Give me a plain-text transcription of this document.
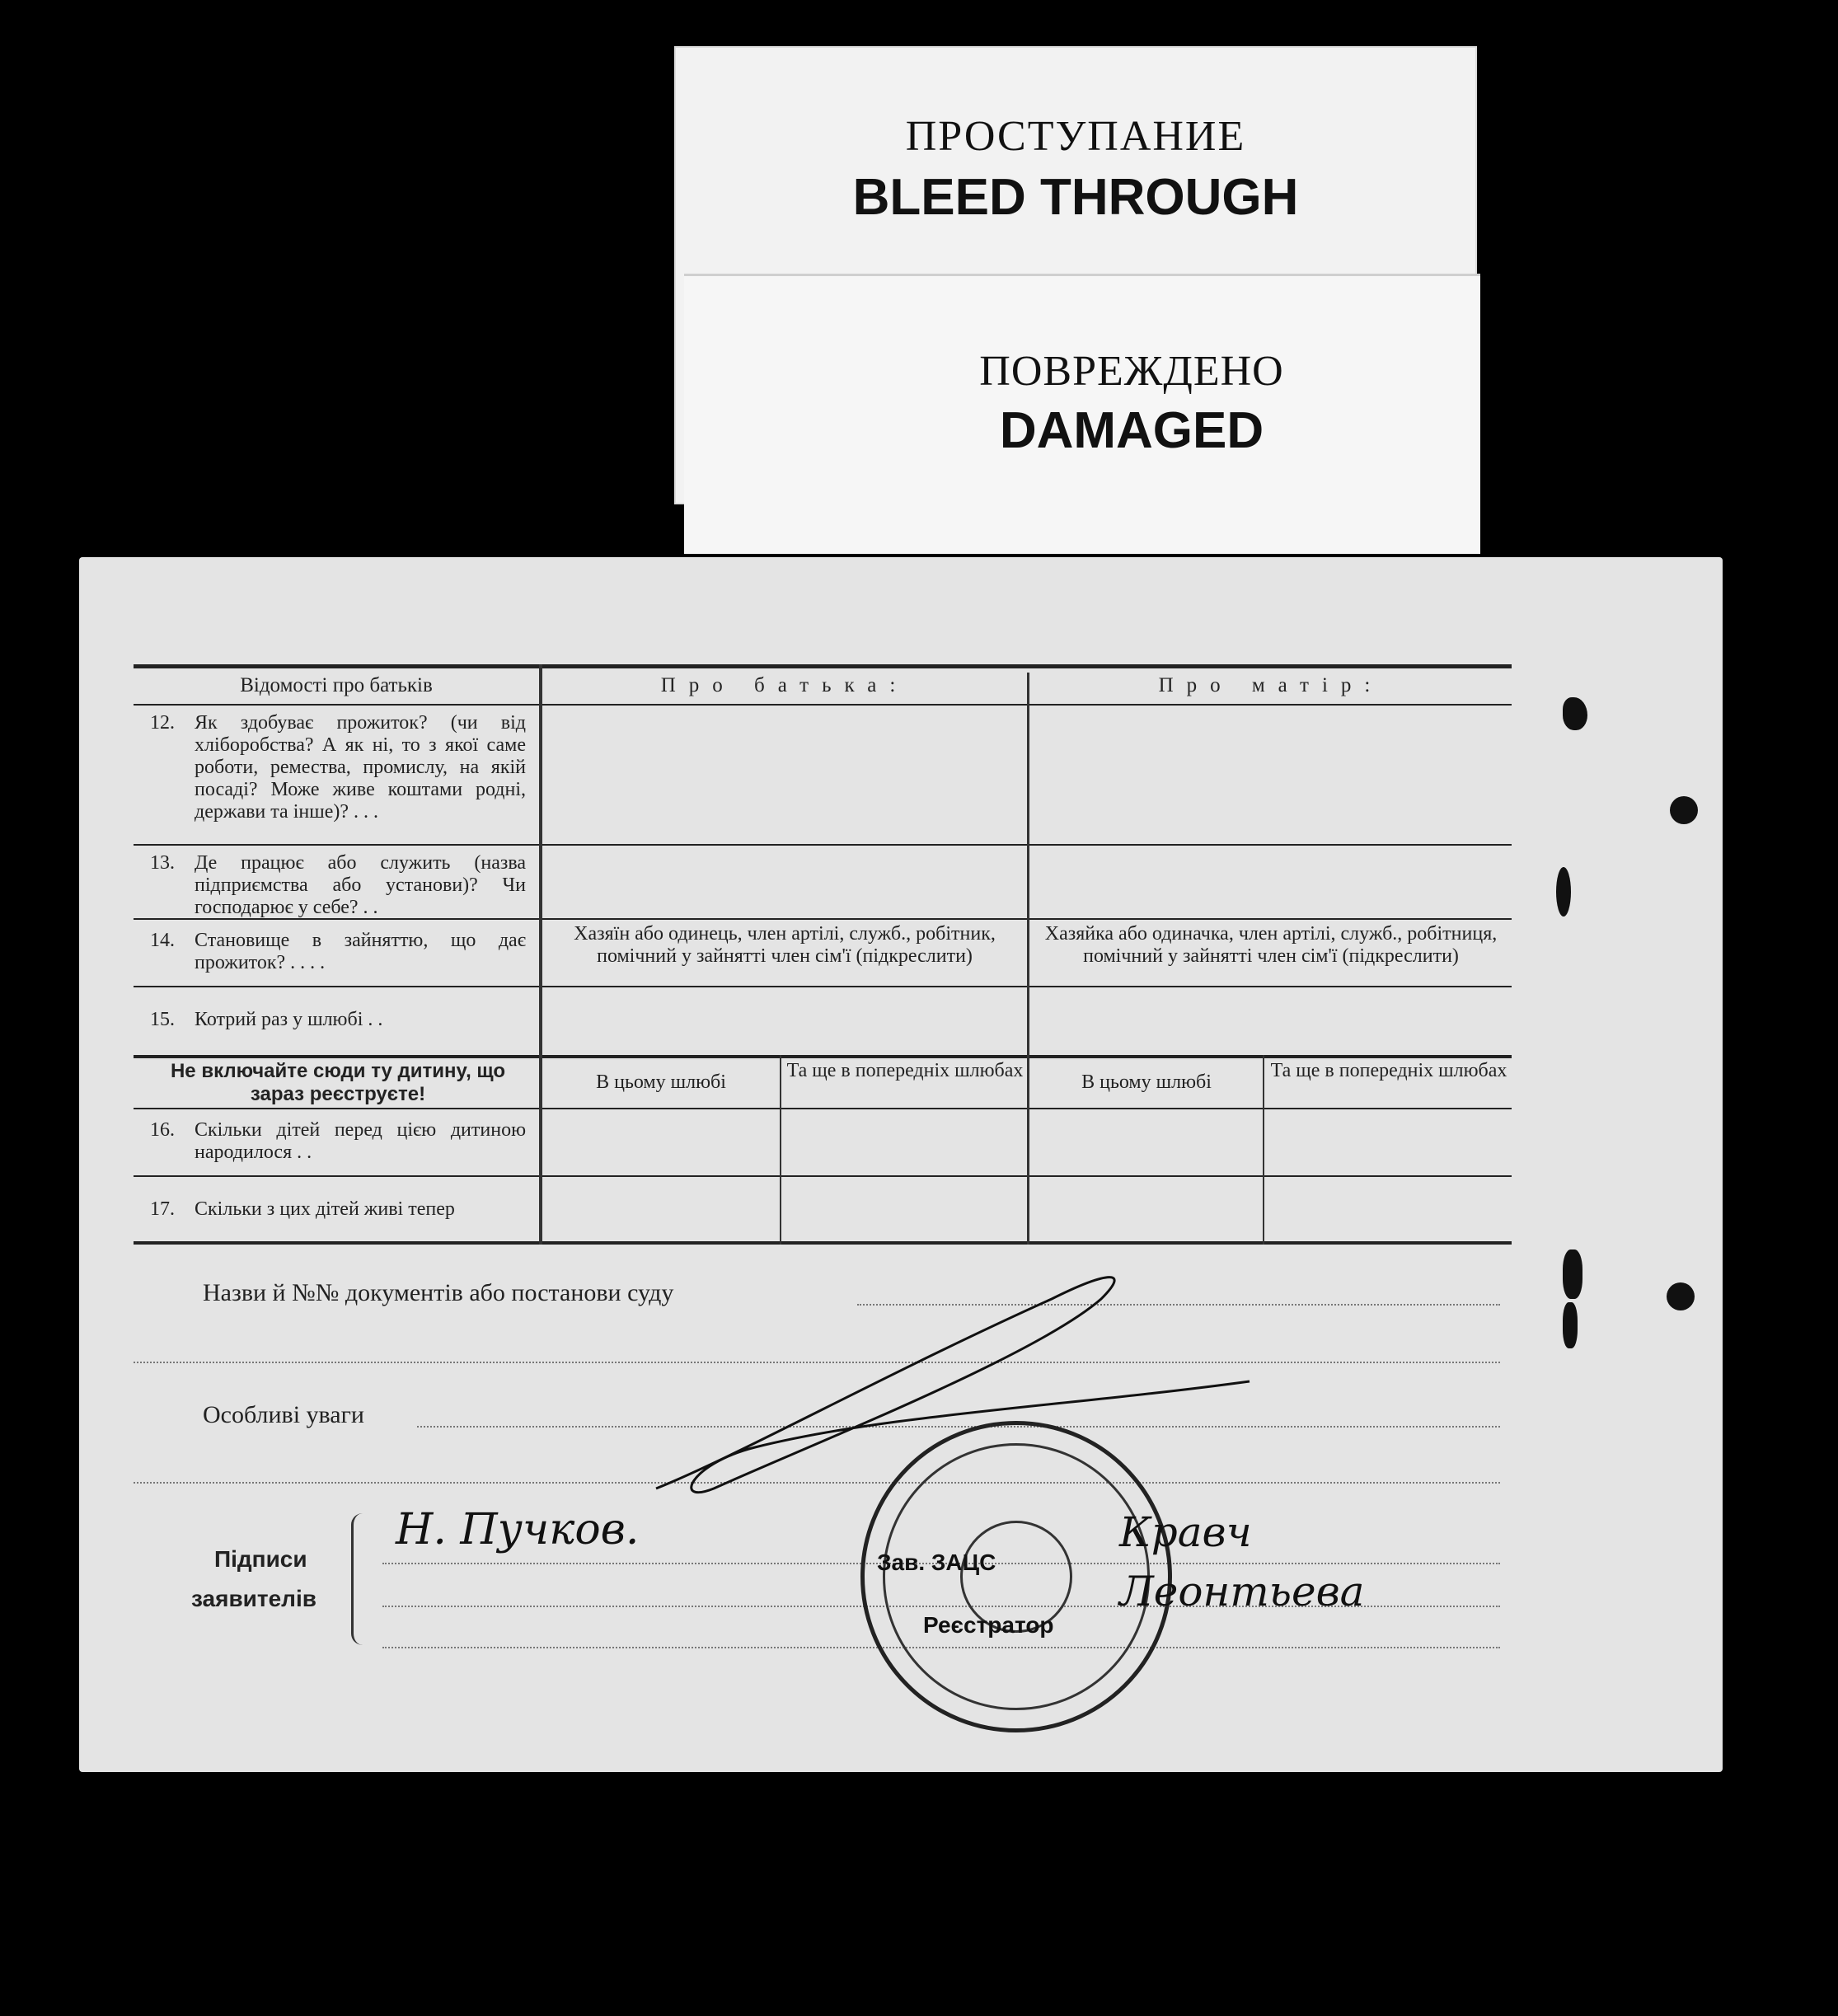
ПРОСТУПАНИЕ
BLEED THROUGH
ПОВРЕЖДЕНО
DAMAGED
Відомості про батьків	Про батька:	Про матір:
12. Як здобуває прожиток? (чи від хліборобства? А як ні, то з якої саме роботи, ремества, промислу, на якій посаді? Може живе коштами родні, держави та інше)? . . .
13. Де працює або служить (назва підприємства або установи)? Чи господарює у себе? . .
14. Становище в зайняттю, що дає прожиток? . . . .
Хазяїн або одинець, член артілі, служб., робітник, помічний у зайнятті член сім'ї (підкреслити)
Хазяйка або одиначка, член артілі, служб., робітниця, помічний у зайнятті член сім'ї (підкреслити)
15. Котрий раз у шлюбі . .
Не включайте сюди ту дитину, що зараз реєструєте!
В цьому шлюбі
Та ще в попередніх шлюбах
В цьому шлюбі
Та ще в попередніх шлюбах
16. Скільки дітей перед цією дитиною народилося . .
17. Скільки з цих дітей живі тепер
Назви й №№ документів або постанови суду
Особливі уваги
Підписи
заявителів
Н. Пучков.
Зав. ЗАЦС
Реєстратор
Кравч
Леонтьева
